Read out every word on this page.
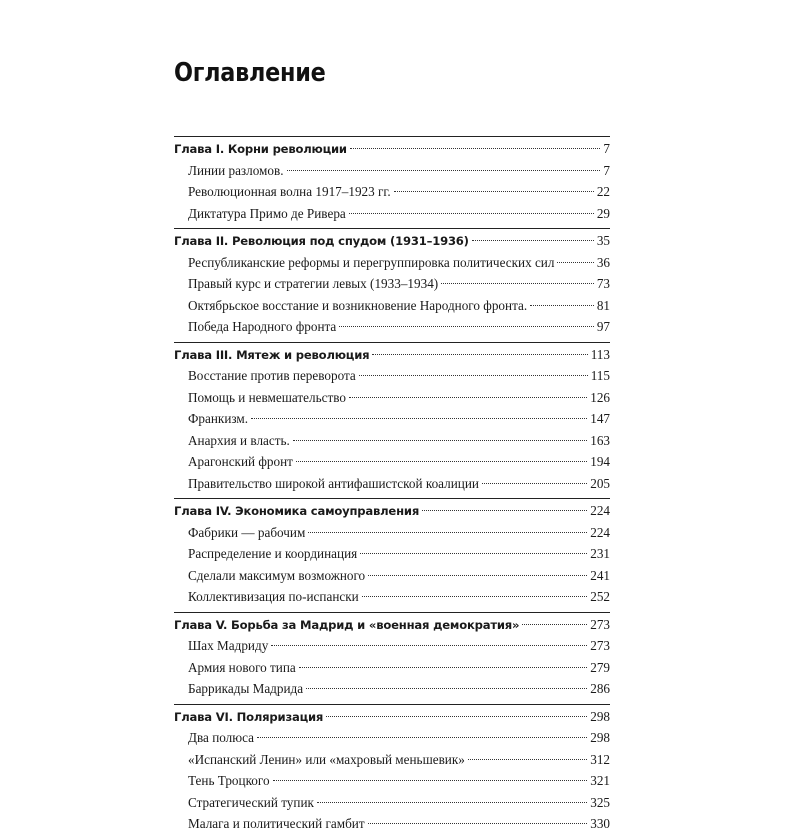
Оглавление
Глава I. Корни революции	7
Линии разломов.	7
Революционная волна 1917–1923 гг.	22
Диктатура Примо де Ривера	29
Глава II. Революция под спудом (1931–1936)	35
Республиканские реформы и перегруппировка политических сил	36
Правый курс и стратегии левых (1933–1934)	73
Октябрьское восстание и возникновение Народного фронта.	81
Победа Народного фронта	97
Глава III. Мятеж и революция	113
Восстание против переворота	115
Помощь и невмешательство	126
Франкизм.	147
Анархия и власть.	163
Арагонский фронт	194
Правительство широкой антифашистской коалиции	205
Глава IV. Экономика самоуправления	224
Фабрики — рабочим	224
Распределение и координация	231
Сделали максимум возможного	241
Коллективизация по-испански	252
Глава V. Борьба за Мадрид и «военная демократия»	273
Шах Мадриду	273
Армия нового типа	279
Баррикады Мадрида	286
Глава VI. Поляризация	298
Два полюса	298
«Испанский Ленин» или «махровый меньшевик»	312
Тень Троцкого	321
Стратегический тупик	325
Малага и политический гамбит	330
